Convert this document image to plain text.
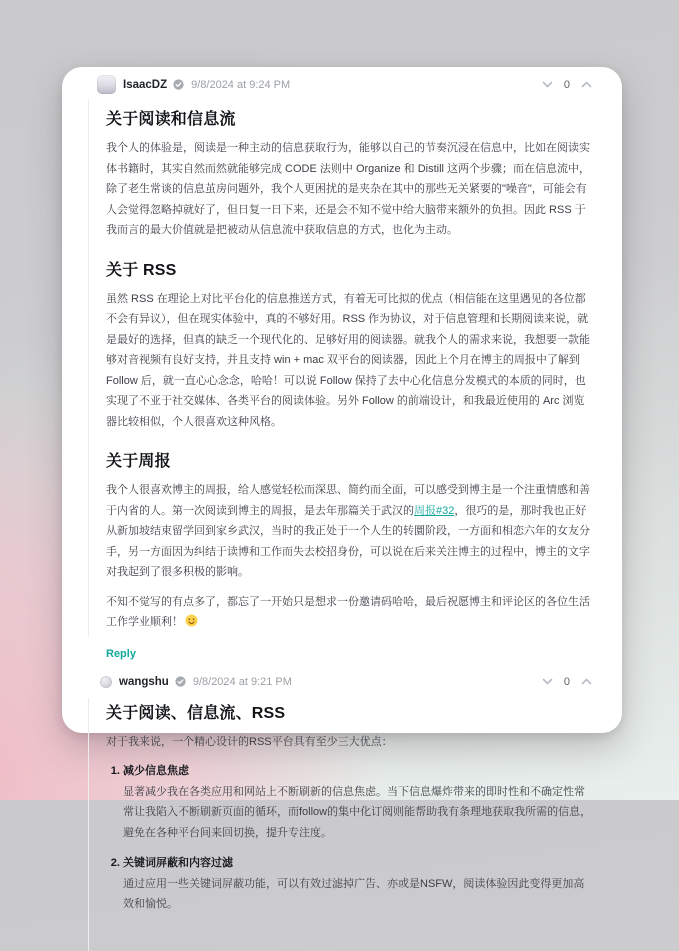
IsaacDZ 9/8/2024 at 9:24 PM	0
关于阅读和信息流

我个人的体验是，阅读是一种主动的信息获取行为，能够以自己的节奏沉浸在信息中，比如在阅读实体书籍时，其实自然而然就能够完成 CODE 法则中 Organize 和 Distill 这两个步骤；而在信息流中，除了老生常谈的信息茧房问题外，我个人更困扰的是夹杂在其中的那些无关紧要的"噪音"，可能会有人会觉得忽略掉就好了，但日复一日下来，还是会不知不觉中给大脑带来额外的负担。因此 RSS 于我而言的最大价值就是把被动从信息流中获取信息的方式，也化为主动。

关于 RSS

虽然 RSS 在理论上对比平台化的信息推送方式，有着无可比拟的优点（相信能在这里遇见的各位都不会有异议），但在现实体验中，真的不够好用。RSS 作为协议，对于信息管理和长期阅读来说，就是最好的选择，但真的缺乏一个现代化的、足够好用的阅读器。就我个人的需求来说，我想要一款能够对音视频有良好支持，并且支持 win + mac 双平台的阅读器，因此上个月在博主的周报中了解到 Follow 后，就一直心心念念，哈哈！可以说 Follow 保持了去中心化信息分发模式的本质的同时，也实现了不亚于社交媒体、各类平台的阅读体验。另外 Follow 的前端设计，和我最近使用的 Arc 浏览器比较相似，个人很喜欢这种风格。

关于周报

我个人很喜欢博主的周报，给人感觉轻松而深思、简约而全面，可以感受到博主是一个注重情感和善于内省的人。第一次阅读到博主的周报，是去年那篇关于武汉的周报#32，很巧的是，那时我也正好从新加坡结束留学回到家乡武汉，当时的我正处于一个人生的转圜阶段，一方面和相恋六年的女友分手，另一方面因为纠结于读博和工作而失去校招身份，可以说在后来关注博主的过程中，博主的文字对我起到了很多积极的影响。

不知不觉写的有点多了，都忘了一开始只是想求一份邀请码哈哈，最后祝愿博主和评论区的各位生活工作学业顺利！

Reply
wangshu 9/8/2024 at 9:21 PM	0
关于阅读、信息流、RSS

对于我来说，一个精心设计的RSS平台具有至少三大优点：

1. 减少信息焦虑
显著减少我在各类应用和网站上不断刷新的信息焦虑。当下信息爆炸带来的即时性和不确定性常常让我陷入不断刷新页面的循环，而follow的集中化订阅则能帮助我有条理地获取我所需的信息，避免在各种平台间来回切换，提升专注度。
2. 关键词屏蔽和内容过滤
通过应用一些关键词屏蔽功能，可以有效过滤掉广告、亦或是NSFW，阅读体验因此变得更加高效和愉悦。
